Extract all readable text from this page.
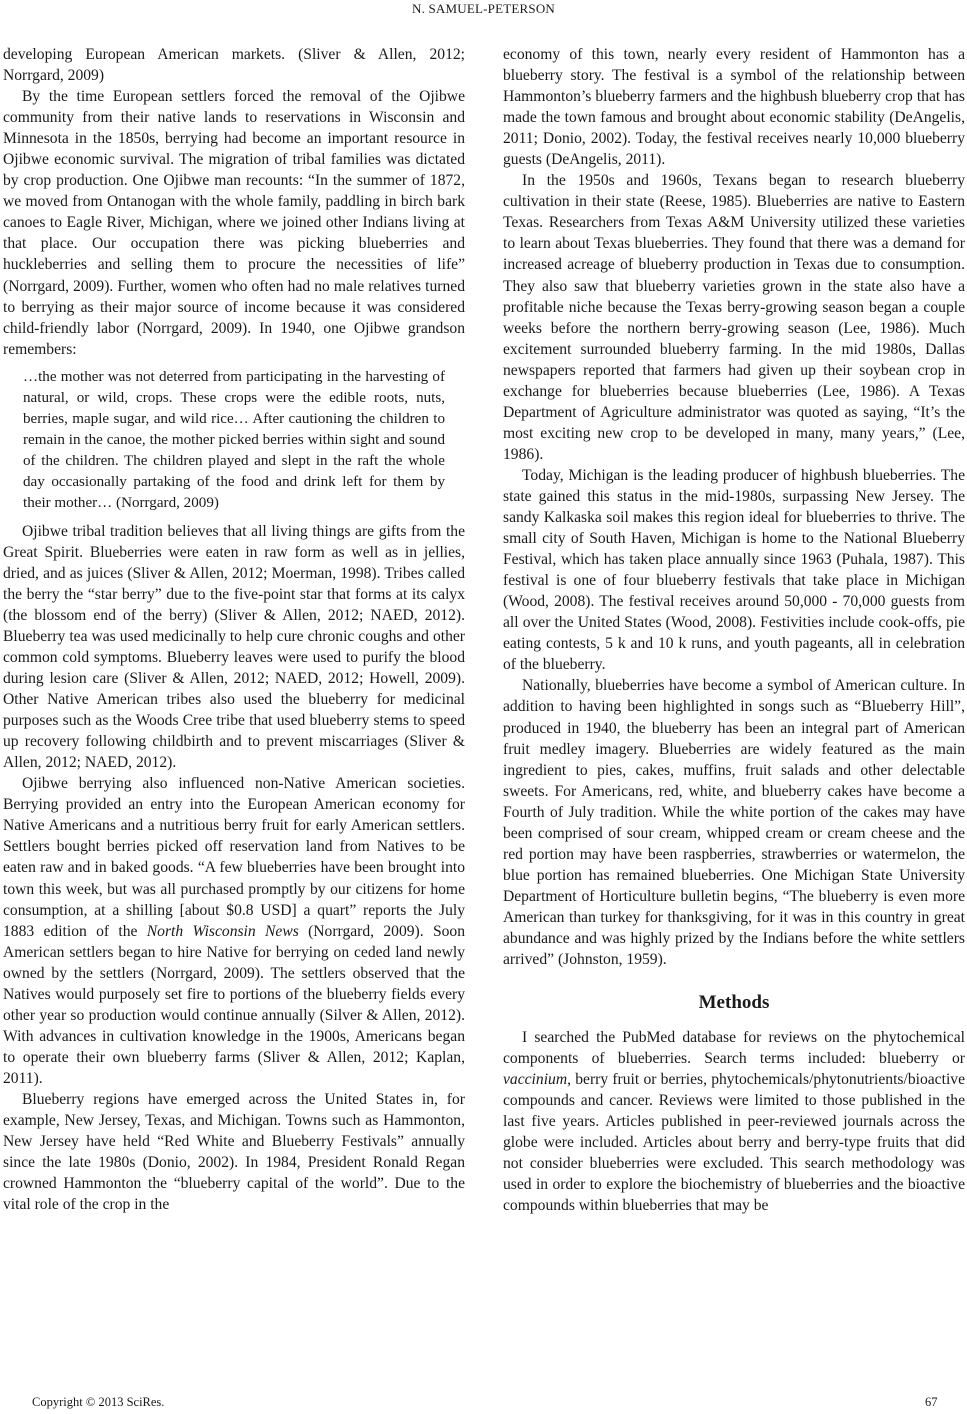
N. SAMUEL-PETERSON

developing European American markets. (Sliver & Allen, 2012; Norrgard, 2009)

By the time European settlers forced the removal of the Ojibwe community from their native lands to reservations in Wisconsin and Minnesota in the 1850s, berrying had become an important resource in Ojibwe economic survival. The migration of tribal families was dictated by crop production. One Ojibwe man recounts: “In the summer of 1872, we moved from Ontanogan with the whole family, paddling in birch bark canoes to Eagle River, Michigan, where we joined other Indians living at that place. Our occupation there was picking blueberries and huckleberries and selling them to procure the necessities of life” (Norrgard, 2009). Further, women who often had no male relatives turned to berrying as their major source of income because it was considered child-friendly labor (Norrgard, 2009). In 1940, one Ojibwe grandson remembers:

…the mother was not deterred from participating in the harvesting of natural, or wild, crops. These crops were the edible roots, nuts, berries, maple sugar, and wild rice… After cautioning the children to remain in the canoe, the mother picked berries within sight and sound of the children. The children played and slept in the raft the whole day occasionally partaking of the food and drink left for them by their mother… (Norrgard, 2009)

Ojibwe tribal tradition believes that all living things are gifts from the Great Spirit. Blueberries were eaten in raw form as well as in jellies, dried, and as juices (Sliver & Allen, 2012; Moerman, 1998). Tribes called the berry the “star berry” due to the five-point star that forms at its calyx (the blossom end of the berry) (Sliver & Allen, 2012; NAED, 2012). Blueberry tea was used medicinally to help cure chronic coughs and other common cold symptoms. Blueberry leaves were used to purify the blood during lesion care (Sliver & Allen, 2012; NAED, 2012; Howell, 2009). Other Native American tribes also used the blueberry for medicinal purposes such as the Woods Cree tribe that used blueberry stems to speed up recovery following childbirth and to prevent miscarriages (Sliver & Allen, 2012; NAED, 2012).

Ojibwe berrying also influenced non-Native American societies. Berrying provided an entry into the European American economy for Native Americans and a nutritious berry fruit for early American settlers. Settlers bought berries picked off reservation land from Natives to be eaten raw and in baked goods. “A few blueberries have been brought into town this week, but was all purchased promptly by our citizens for home consumption, at a shilling [about $0.8 USD] a quart” reports the July 1883 edition of the North Wisconsin News (Norrgard, 2009). Soon American settlers began to hire Native for berrying on ceded land newly owned by the settlers (Norrgard, 2009). The settlers observed that the Natives would purposely set fire to portions of the blueberry fields every other year so production would continue annually (Silver & Allen, 2012). With advances in cultivation knowledge in the 1900s, Americans began to operate their own blueberry farms (Sliver & Allen, 2012; Kaplan, 2011).

Blueberry regions have emerged across the United States in, for example, New Jersey, Texas, and Michigan. Towns such as Hammonton, New Jersey have held “Red White and Blueberry Festivals” annually since the late 1980s (Donio, 2002). In 1984, President Ronald Regan crowned Hammonton the “blueberry capital of the world”. Due to the vital role of the crop in the

economy of this town, nearly every resident of Hammonton has a blueberry story. The festival is a symbol of the relationship between Hammonton’s blueberry farmers and the highbush blueberry crop that has made the town famous and brought about economic stability (DeAngelis, 2011; Donio, 2002). Today, the festival receives nearly 10,000 blueberry guests (DeAngelis, 2011).

In the 1950s and 1960s, Texans began to research blueberry cultivation in their state (Reese, 1985). Blueberries are native to Eastern Texas. Researchers from Texas A&M University utilized these varieties to learn about Texas blueberries. They found that there was a demand for increased acreage of blueberry production in Texas due to consumption. They also saw that blueberry varieties grown in the state also have a profitable niche because the Texas berry-growing season began a couple weeks before the northern berry-growing season (Lee, 1986). Much excitement surrounded blueberry farming. In the mid 1980s, Dallas newspapers reported that farmers had given up their soybean crop in exchange for blueberries because blueberries (Lee, 1986). A Texas Department of Agriculture administrator was quoted as saying, “It’s the most exciting new crop to be developed in many, many years,” (Lee, 1986).

Today, Michigan is the leading producer of highbush blueberries. The state gained this status in the mid-1980s, surpassing New Jersey. The sandy Kalkaska soil makes this region ideal for blueberries to thrive. The small city of South Haven, Michigan is home to the National Blueberry Festival, which has taken place annually since 1963 (Puhala, 1987). This festival is one of four blueberry festivals that take place in Michigan (Wood, 2008). The festival receives around 50,000 - 70,000 guests from all over the United States (Wood, 2008). Festivities include cook-offs, pie eating contests, 5 k and 10 k runs, and youth pageants, all in celebration of the blueberry.

Nationally, blueberries have become a symbol of American culture. In addition to having been highlighted in songs such as “Blueberry Hill”, produced in 1940, the blueberry has been an integral part of American fruit medley imagery. Blueberries are widely featured as the main ingredient to pies, cakes, muffins, fruit salads and other delectable sweets. For Americans, red, white, and blueberry cakes have become a Fourth of July tradition. While the white portion of the cakes may have been comprised of sour cream, whipped cream or cream cheese and the red portion may have been raspberries, strawberries or watermelon, the blue portion has remained blueberries. One Michigan State University Department of Horticulture bulletin begins, “The blueberry is even more American than turkey for thanksgiving, for it was in this country in great abundance and was highly prized by the Indians before the white settlers arrived” (Johnston, 1959).

Methods

I searched the PubMed database for reviews on the phytochemical components of blueberries. Search terms included: blueberry or vaccinium, berry fruit or berries, phytochemicals/phytonutrients/bioactive compounds and cancer. Reviews were limited to those published in the last five years. Articles published in peer-reviewed journals across the globe were included. Articles about berry and berry-type fruits that did not consider blueberries were excluded. This search methodology was used in order to explore the biochemistry of blueberries and the bioactive compounds within blueberries that may be

Copyright © 2013 SciRes.	67
